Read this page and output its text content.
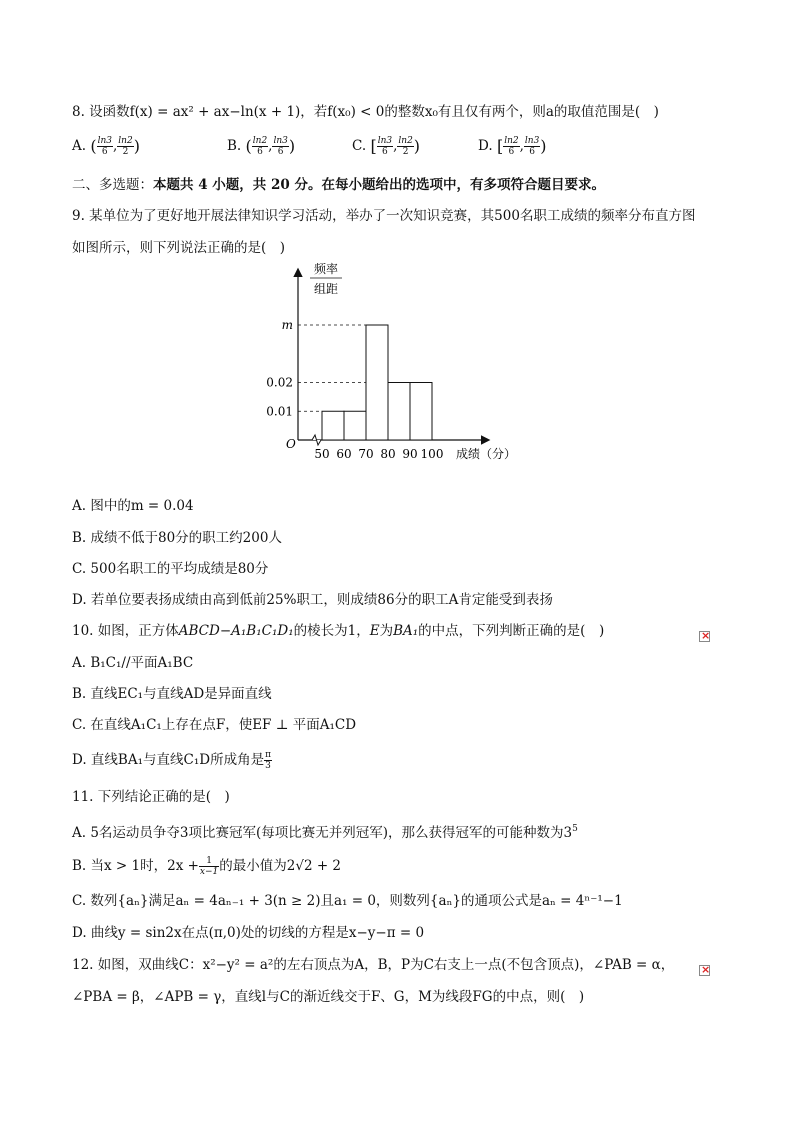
8. 设函数f(x) = ax² + ax−ln(x + 1)，若f(x₀) < 0的整数x₀有且仅有两个，则a的取值范围是(　)
A. ( $\frac{\ln 3}{6}$ , $\frac{\ln 2}{2}$ )	B. ( $\frac{\ln 2}{6}$ , $\frac{\ln 3}{6}$ )	C. [ $\frac{\ln 3}{6}$ , $\frac{\ln 2}{2}$ )	D. [ $\frac{\ln 2}{6}$ , $\frac{\ln 3}{6}$ )
二、多选题：本题共 4 小题，共 20 分。在每小题给出的选项中，有多项符合题目要求。
9. 某单位为了更好地开展法律知识学习活动，举办了一次知识竞赛，其500名职工成绩的频率分布直方图
如图所示，则下列说法正确的是(　)
0.01
0.02
m
O
50 60 70 80 90 100 成绩（分）
频率
组距
A. 图中的m = 0.04
B. 成绩不低于80分的职工约200人
C. 500名职工的平均成绩是80分
D. 若单位要表扬成绩由高到低前25%职工，则成绩86分的职工A肯定能受到表扬
10. 如图，正方体ABCD−A₁B₁C₁D₁的棱长为1，E为BA₁的中点，下列判断正确的是(　)	×
A. B₁C₁//平面A₁BC
B. 直线EC₁与直线AD是异面直线
C. 在直线A₁C₁上存在点F，使EF ⊥ 平面A₁CD
D. 直线BA₁与直线C₁D所成角是 $\frac{\pi}{3}$
11. 下列结论正确的是(　)
A. 5名运动员争夺3项比赛冠军(每项比赛无并列冠军)，那么获得冠军的可能种数为$3^5$
B. 当x > 1时，$2x + \frac{1}{x-1}$ 的最小值为2√2 + 2
C. 数列{aₙ}满足aₙ = 4aₙ₋₁ + 3(n ≥ 2)且a₁ = 0，则数列{aₙ}的通项公式是aₙ = 4ⁿ⁻¹−1
D. 曲线y = sin2x在点(π,0)处的切线的方程是x−y−π = 0
12. 如图，双曲线C：x²−y² = a²的左右顶点为A，B，P为C右支上一点(不包含顶点)，∠PAB = α， ×
∠PBA = β，∠APB = γ，直线l与C的渐近线交于F、G，M为线段FG的中点，则(　)
